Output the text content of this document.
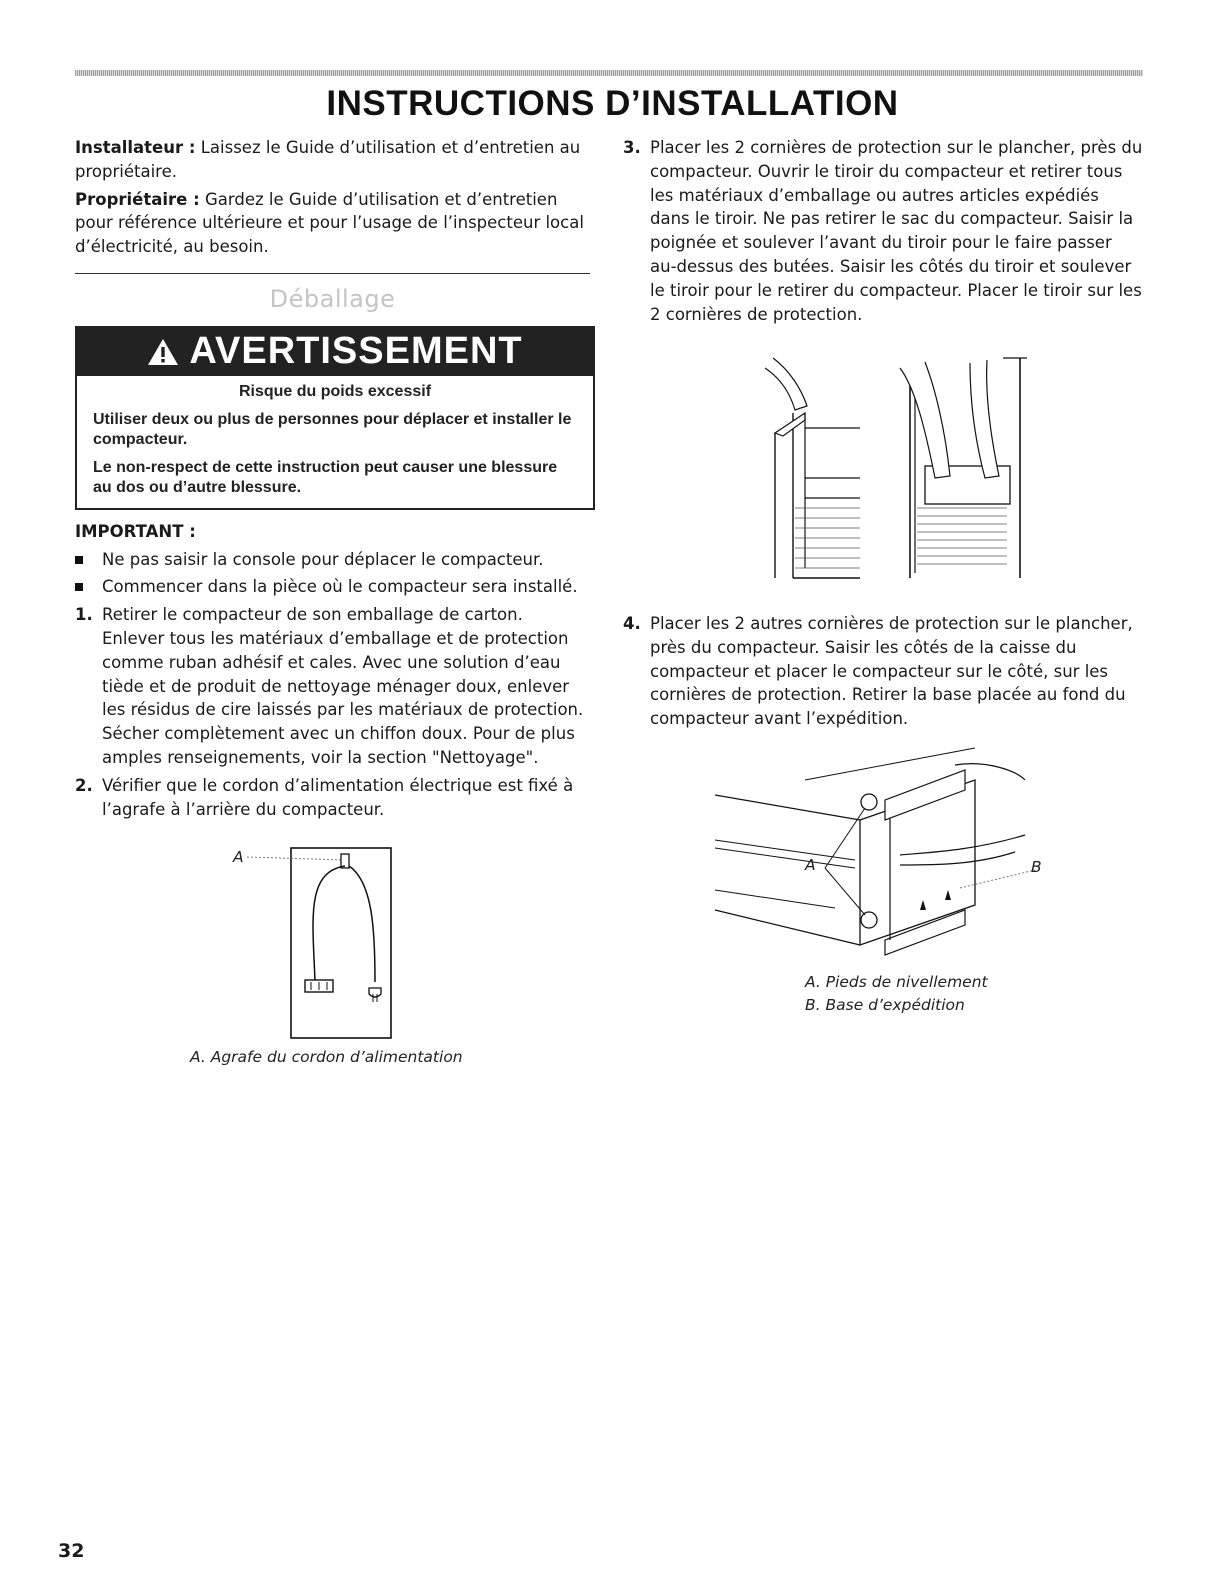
INSTRUCTIONS D’INSTALLATION

Installateur : Laissez le Guide d’utilisation et d’entretien au propriétaire.

Propriétaire : Gardez le Guide d’utilisation et d’entretien pour référence ultérieure et pour l’usage de l’inspecteur local d’électricité, au besoin.

Déballage
AVERTISSEMENT
Risque du poids excessif
Utiliser deux ou plus de personnes pour déplacer et installer le compacteur.
Le non-respect de cette instruction peut causer une blessure au dos ou d’autre blessure.
IMPORTANT :
Ne pas saisir la console pour déplacer le compacteur.
Commencer dans la pièce où le compacteur sera installé.
1. Retirer le compacteur de son emballage de carton. Enlever tous les matériaux d’emballage et de protection comme ruban adhésif et cales. Avec une solution d’eau tiède et de produit de nettoyage ménager doux, enlever les résidus de cire laissés par les matériaux de protection. Sécher complètement avec un chiffon doux. Pour de plus amples renseignements, voir la section "Nettoyage".
2. Vérifier que le cordon d’alimentation électrique est fixé à l’agrafe à l’arrière du compacteur.
A
A. Agrafe du cordon d’alimentation
3. Placer les 2 cornières de protection sur le plancher, près du compacteur. Ouvrir le tiroir du compacteur et retirer tous les matériaux d’emballage ou autres articles expédiés dans le tiroir. Ne pas retirer le sac du compacteur. Saisir la poignée et soulever l’avant du tiroir pour le faire passer au-dessus des butées. Saisir les côtés du tiroir et soulever le tiroir pour le retirer du compacteur. Placer le tiroir sur les 2 cornières de protection.
4. Placer les 2 autres cornières de protection sur le plancher, près du compacteur. Saisir les côtés de la caisse du compacteur et placer le compacteur sur le côté, sur les cornières de protection. Retirer la base placée au fond du compacteur avant l’expédition.
A	B
A. Pieds de nivellement
B. Base d’expédition
32
